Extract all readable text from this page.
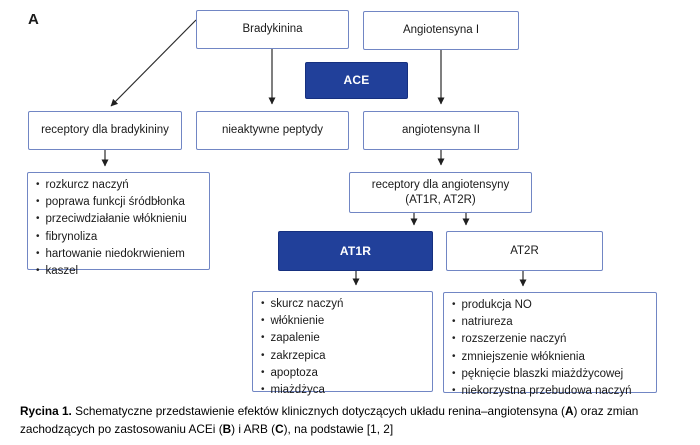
A
Bradykinina	Angiotensyna I
ACE
receptory dla bradykininy	nieaktywne peptydy	angiotensyna II
• rozkurcz naczyń
• poprawa funkcji śródbłonka
• przeciwdziałanie włóknieniu
• fibrynoliza
• hartowanie niedokrwieniem
• kaszel
receptory dla angiotensyny
(AT1R, AT2R)
AT1R	AT2R
• skurcz naczyń
• włóknienie
• zapalenie
• zakrzepica
• apoptoza
• miażdżyca
• produkcja NO
• natriureza
• rozszerzenie naczyń
• zmniejszenie włóknienia
• pęknięcie blaszki miażdżycowej
• niekorzystna przebudowa naczyń
Rycina 1. Schematyczne przedstawienie efektów klinicznych dotyczących układu renina–angiotensyna (A) oraz zmian
zachodzących po zastosowaniu ACEi (B) i ARB (C), na podstawie [1, 2]
